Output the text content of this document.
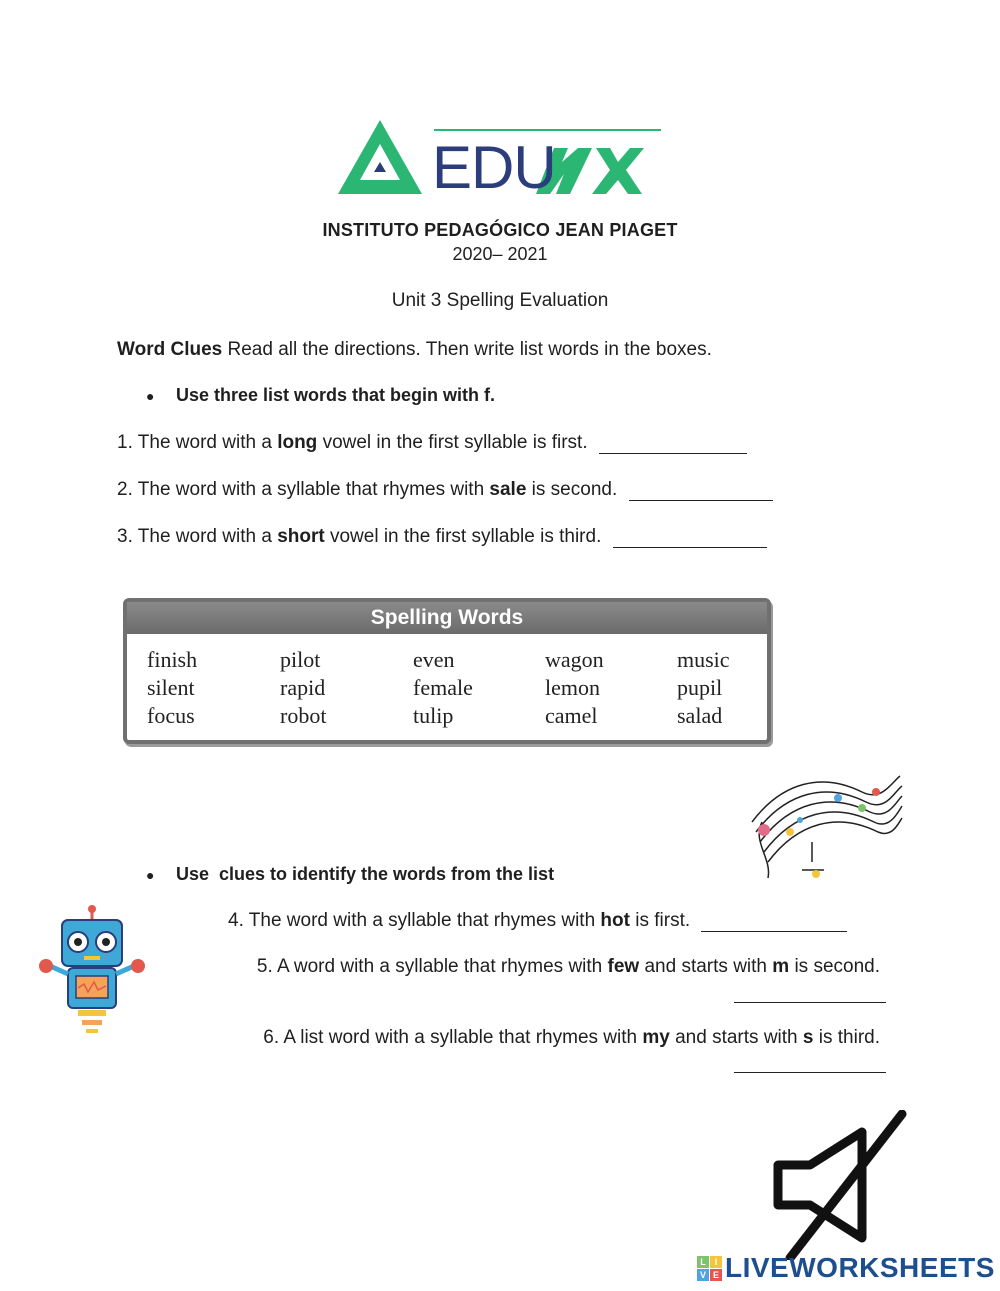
EDU
INSTITUTO PEDAGÓGICO JEAN PIAGET
2020– 2021
Unit 3 Spelling Evaluation
Word Clues Read all the directions. Then write list words in the boxes.
● Use three list words that begin with f.
1. The word with a long vowel in the first syllable is first.
2. The word with a syllable that rhymes with sale is second.
3. The word with a short vowel in the first syllable is third.
Spelling Words
finish
silent
focus
pilot
rapid
robot
even
female
tulip
wagon
lemon
camel
music
pupil
salad
● Use  clues to identify the words from the list
4. The word with a syllable that rhymes with hot is first.
5. A word with a syllable that rhymes with few and starts with m is second.
6. A list word with a syllable that rhymes with my and starts with s is third.
L I
V E LIVEWORKSHEETS
